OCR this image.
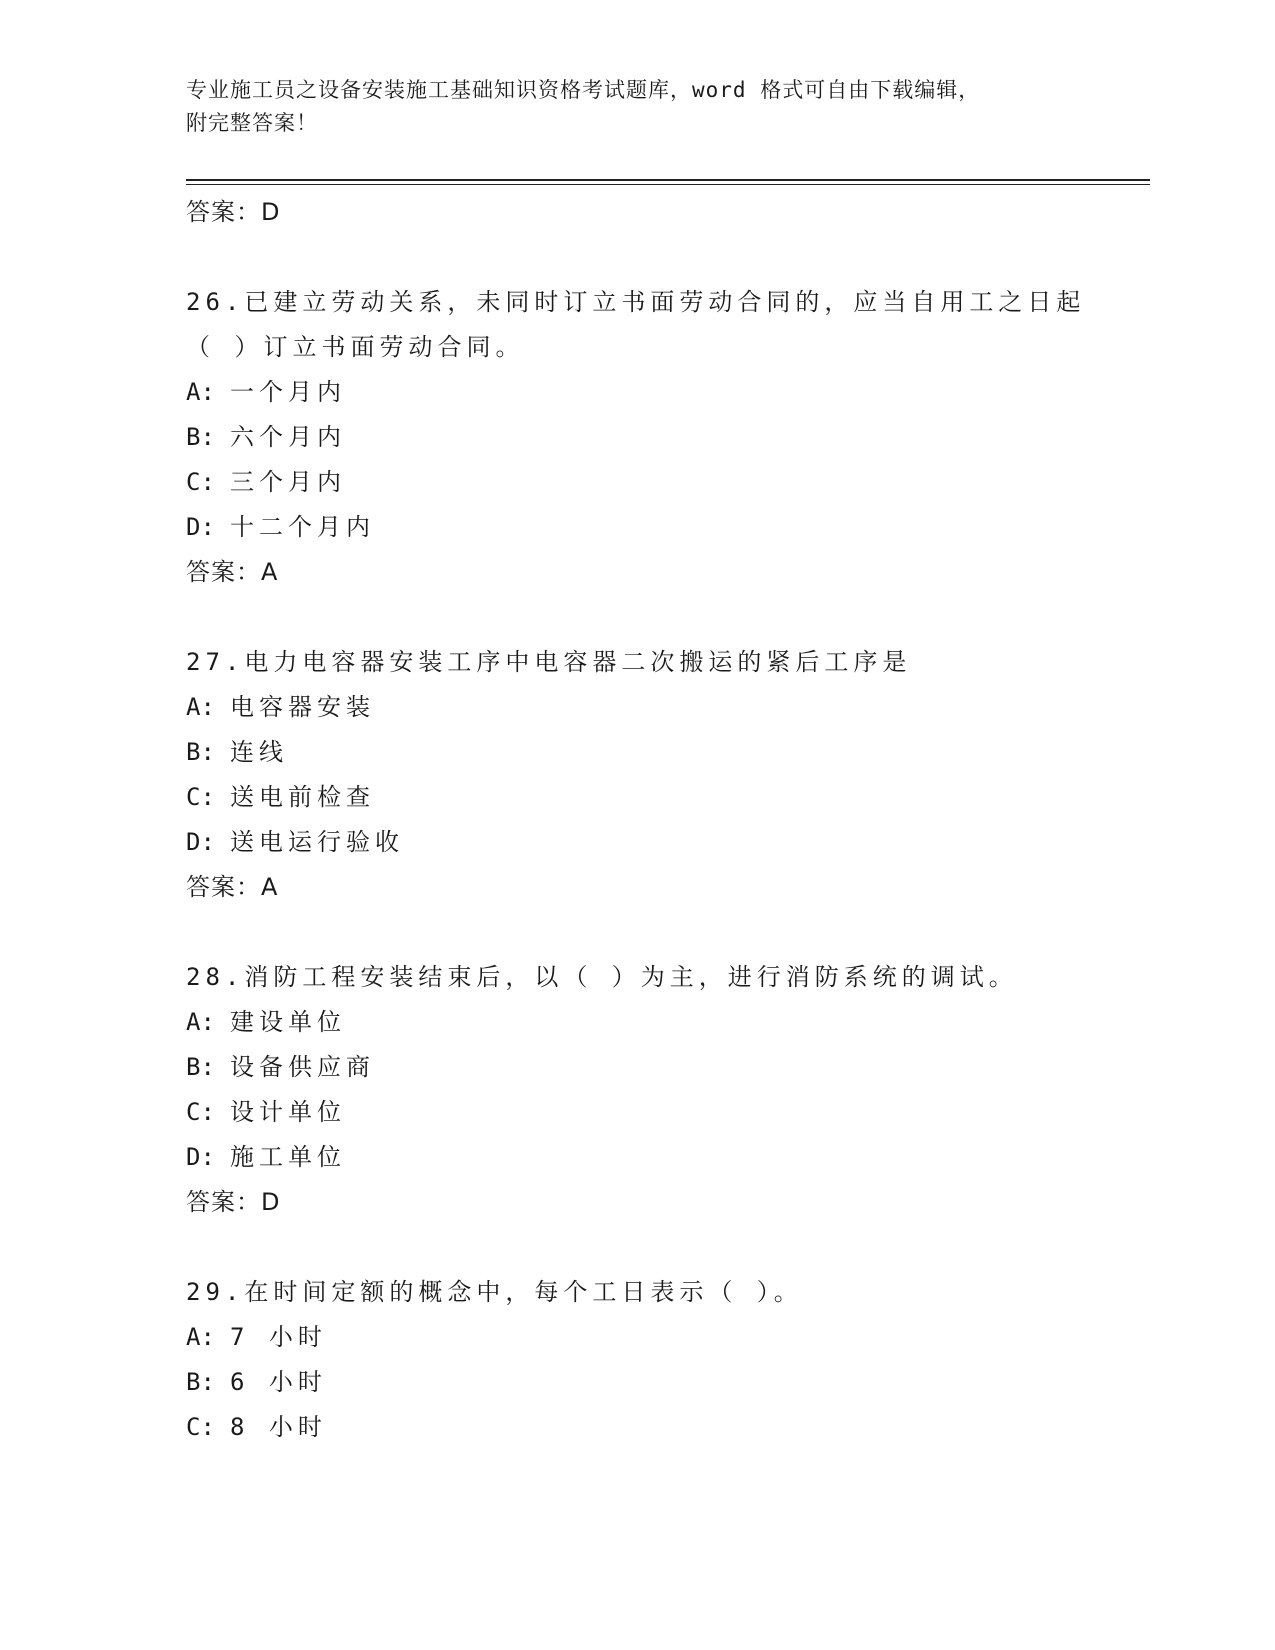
专业施工员之设备安装施工基础知识资格考试题库，word 格式可自由下载编辑，
附完整答案！
答案：D
26.已建立劳动关系，未同时订立书面劳动合同的，应当自用工之日起
（ ）订立书面劳动合同。
A: 一个月内
B: 六个月内
C: 三个月内
D: 十二个月内
答案：A
27.电力电容器安装工序中电容器二次搬运的紧后工序是
A: 电容器安装
B: 连线
C: 送电前检查
D: 送电运行验收
答案：A
28.消防工程安装结束后，以（ ）为主，进行消防系统的调试。
A: 建设单位
B: 设备供应商
C: 设计单位
D: 施工单位
答案：D
29.在时间定额的概念中，每个工日表示（ ）。
A: 7 小时
B: 6 小时
C: 8 小时
